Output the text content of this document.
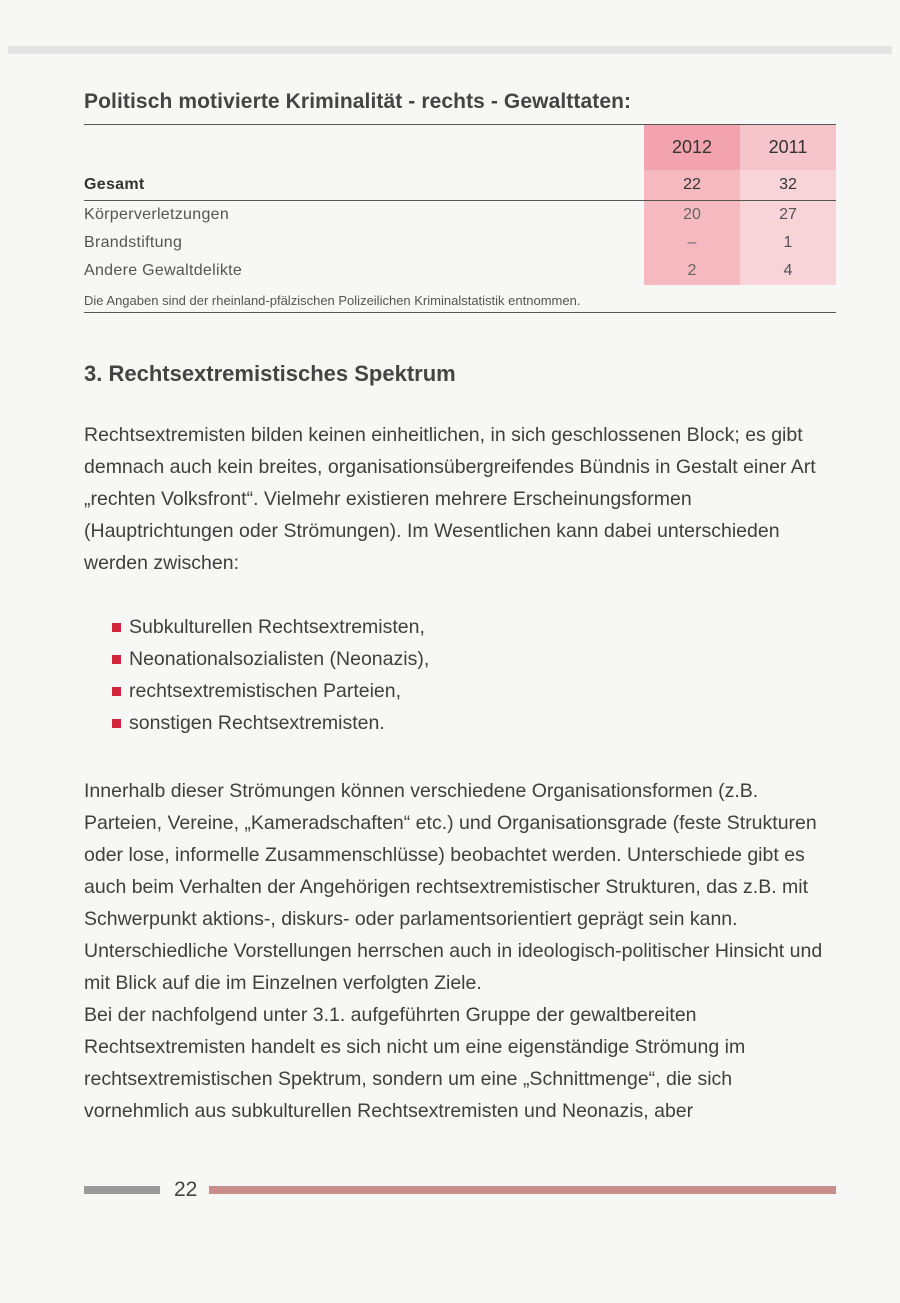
Politisch motivierte Kriminalität - rechts - Gewalttaten:
	2012	2011
Gesamt	22	32
Körperverletzungen	20	27
Brandstiftung	–	1
Andere Gewaltdelikte	2	4
Die Angaben sind der rheinland-pfälzischen Polizeilichen Kriminalstatistik entnommen.
3. Rechtsextremistisches Spektrum

Rechtsextremisten bilden keinen einheitlichen, in sich geschlossenen Block; es gibt demnach auch kein breites, organisationsübergreifendes Bündnis in Gestalt einer Art „rechten Volksfront“. Vielmehr existieren mehrere Erscheinungsformen (Hauptrichtungen oder Strömungen). Im Wesentlichen kann dabei unterschieden werden zwischen:

Subkulturellen Rechtsextremisten,
Neonationalsozialisten (Neonazis),
rechtsextremistischen Parteien,
sonstigen Rechtsextremisten.

Innerhalb dieser Strömungen können verschiedene Organisationsformen (z.B. Parteien, Vereine, „Kameradschaften“ etc.) und Organisationsgrade (feste Strukturen oder lose, informelle Zusammenschlüsse) beobachtet werden. Unterschiede gibt es auch beim Verhalten der Angehörigen rechtsextremistischer Strukturen, das z.B. mit Schwerpunkt aktions-, diskurs- oder parlamentsorientiert geprägt sein kann. Unterschiedliche Vorstellungen herrschen auch in ideologisch-politischer Hinsicht und mit Blick auf die im Einzelnen verfolgten Ziele.

Bei der nachfolgend unter 3.1. aufgeführten Gruppe der gewaltbereiten Rechtsextremisten handelt es sich nicht um eine eigenständige Strömung im rechtsextremistischen Spektrum, sondern um eine „Schnittmenge“, die sich vornehmlich aus subkulturellen Rechtsextremisten und Neonazis, aber

22
